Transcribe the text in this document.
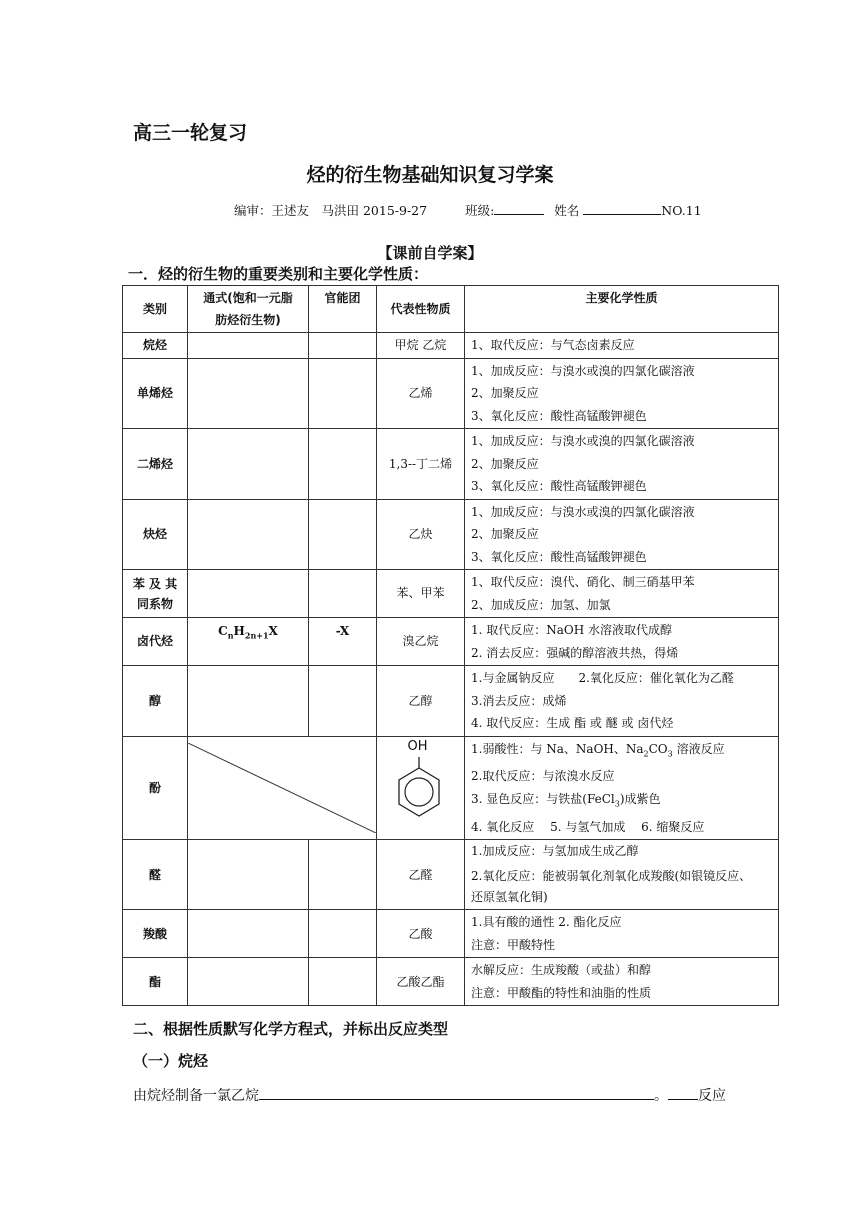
高三一轮复习
烃的衍生物基础知识复习学案
编审：王述友　马洪田 2015-9-27	班级:	姓名	NO.11
【课前自学案】
一．烃的衍生物的重要类别和主要化学性质：
类别	通式(饱和一元脂
肪烃衍生物)	官能团	代表性物质	主要化学性质
烷烃			甲烷 乙烷	1、取代反应：与气态卤素反应

单烯烃			乙烯	1、加成反应：与溴水或溴的四氯化碳溶液
2、加聚反应
3、氧化反应：酸性高锰酸钾褪色

二烯烃			1,3--丁二烯	1、加成反应：与溴水或溴的四氯化碳溶液
2、加聚反应
3、氧化反应：酸性高锰酸钾褪色

炔烃			乙炔	1、加成反应：与溴水或溴的四氯化碳溶液
2、加聚反应
3、氧化反应：酸性高锰酸钾褪色

苯 及 其
同系物			苯、甲苯	1、取代反应：溴代、硝化、制三硝基甲苯
2、加成反应：加氢、加氯

卤代烃	$C_nH_{2n+1}X$	-X	溴乙烷	1. 取代反应：NaOH 水溶液取代成醇
2. 消去反应：强碱的醇溶液共热，得烯

醇			乙醇	1.与金属钠反应　　2.氧化反应：催化氧化为乙醛
3.消去反应：成烯
4. 取代反应：生成 酯 或 醚 或 卤代烃

酚			OH	1.弱酸性：与 Na、NaOH、$Na_2CO_3$ 溶液反应
2.取代反应：与浓溴水反应
3. 显色反应：与铁盐(FeCl$_3$)成紫色
4. 氧化反应　 5. 与氢气加成　 6. 缩聚反应

醛			乙醛	1.加成反应：与氢加成生成乙醇
2.氧化反应：能被弱氧化剂氧化成羧酸(如银镜反应、
还原氢氧化铜)

羧酸			乙酸	1.具有酸的通性 2. 酯化反应
注意：甲酸特性

酯			乙酸乙酯	水解反应：生成羧酸（或盐）和醇
注意：甲酸酯的特性和油脂的性质
二、根据性质默写化学方程式，并标出反应类型
（一）烷烃
由烷烃制备一氯乙烷	。 反应
